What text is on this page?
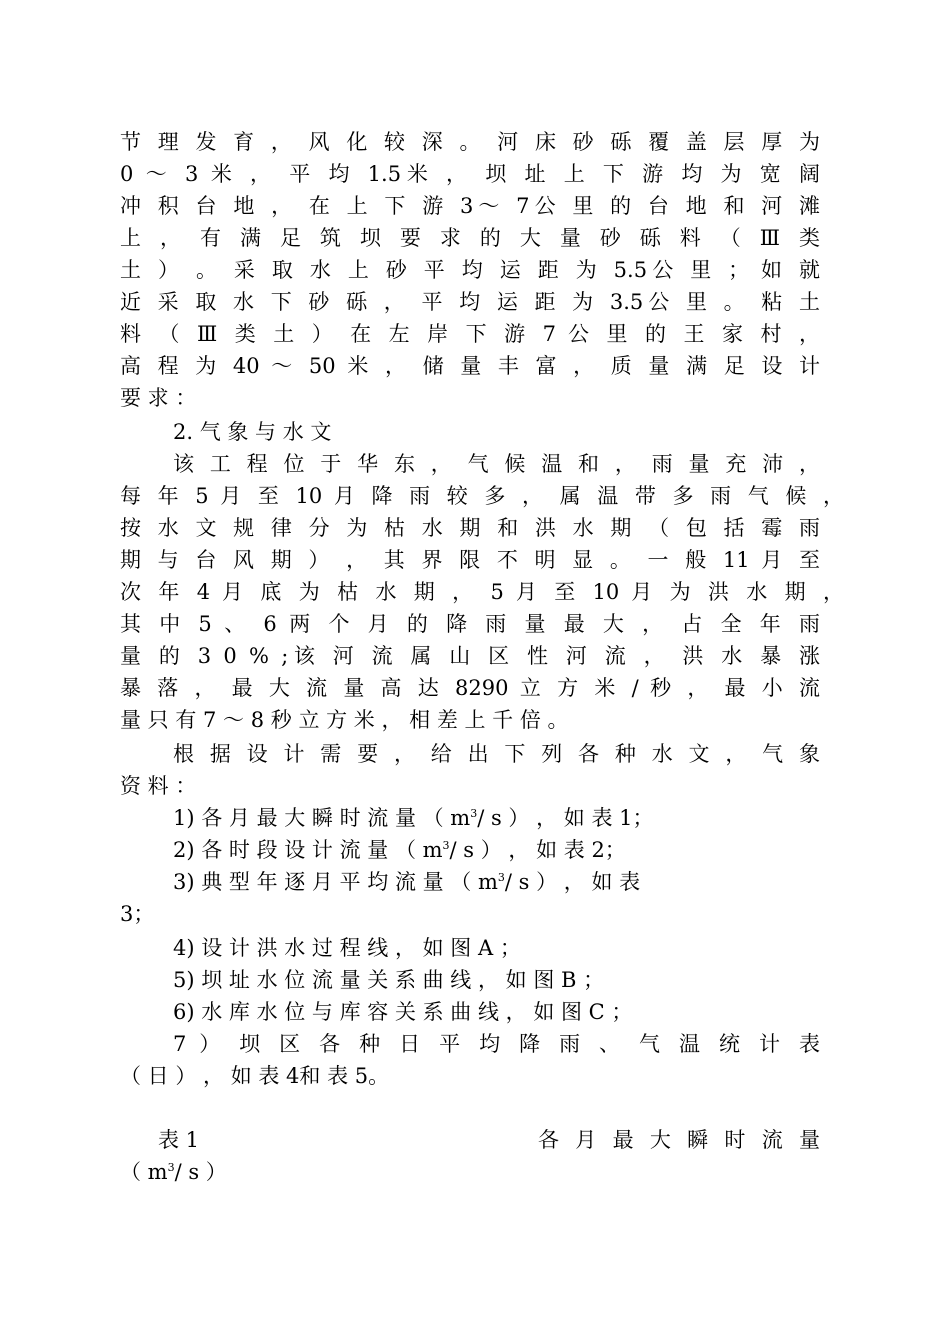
节 理 发 育 ， 风 化 较 深 。 河 床 砂 砾 覆 盖 层 厚 为
0 ～ 3 米 ， 平 均 1.5米 ， 坝 址 上 下 游 均 为 宽 阔
冲 积 台 地 ， 在 上 下 游 3～ 7公 里 的 台 地 和 河 滩
上 ， 有 满 足 筑 坝 要 求 的 大 量 砂 砾 料 （ Ⅲ 类
土 ） 。 采 取 水 上 砂 平 均 运 距 为 5.5公 里 ； 如 就
近 采 取 水 下 砂 砾 ， 平 均 运 距 为 3.5公 里 。 粘 土
料 （ Ⅲ 类 土 ） 在 左 岸 下 游 7 公 里 的 王 家 村 ，
高 程 为 40 ～ 50 米 ， 储 量 丰 富 ， 质 量 满 足 设 计
要 求 ：
2. 气 象 与 水 文
该 工 程 位 于 华 东 ， 气 候 温 和 ， 雨 量 充 沛 ，
每 年 5 月 至 10 月 降 雨 较 多 ， 属 温 带 多 雨 气 候 ，
按 水 文 规 律 分 为 枯 水 期 和 洪 水 期 （ 包 括 霉 雨
期 与 台 风 期 ） ， 其 界 限 不 明 显 。 一 般 11 月 至
次 年 4 月 底 为 枯 水 期 ， 5 月 至 10 月 为 洪 水 期 ，
其 中 5 、 6 两 个 月 的 降 雨 量 最 大 ， 占 全 年 雨
量 的 3 0 % ;该 河 流 属 山 区 性 河 流 ， 洪 水 暴 涨
暴 落 ， 最 大 流 量 高 达 8290 立 方 米 / 秒 ， 最 小 流
量 只 有 7 ～ 8 秒 立 方 米 ， 相 差 上 千 倍 。
根 据 设 计 需 要 ， 给 出 下 列 各 种 水 文 ， 气 象
资 料 ：
1) 各 月 最 大 瞬 时 流 量 （ $m^3/$ s ） ， 如 表 1；
2) 各 时 段 设 计 流 量 （ $m^3/$ s ） ， 如 表 2；
3) 典 型 年 逐 月 平 均 流 量 （ $m^3/$ s ） ， 如 表
3；
4) 设 计 洪 水 过 程 线 ， 如 图 A ；
5) 坝 址 水 位 流 量 关 系 曲 线 ， 如 图 B ；
6) 水 库 水 位 与 库 容 关 系 曲 线 ， 如 图 C ；
7 ） 坝 区 各 种 日 平 均 降 雨 、 气 温 统 计 表
（ 日 ） ， 如 表 4和 表 5。
表 1	各 月 最 大 瞬 时 流 量
（ $m^3/$ s ）
